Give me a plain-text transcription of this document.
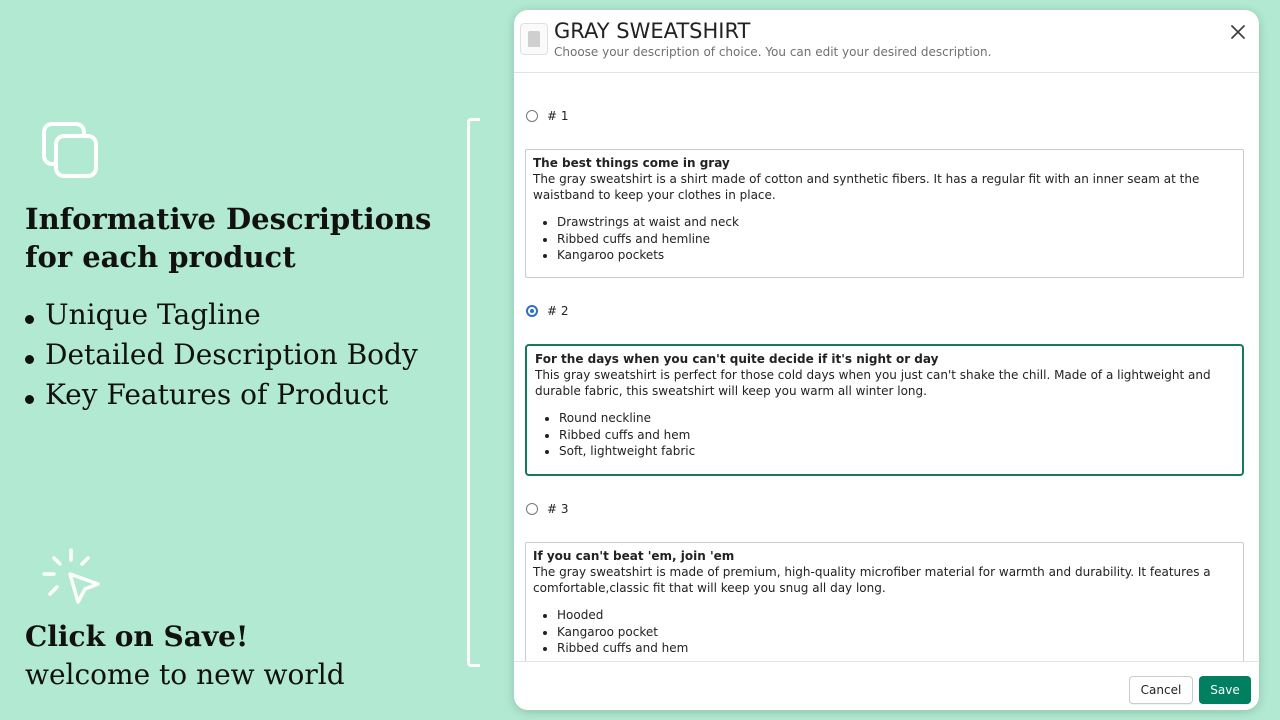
Informative Descriptions
for each product
Unique Tagline
Detailed Description Body
Key Features of Product
Click on Save!
welcome to new world
GRAY SWEATSHIRT
Choose your description of choice. You can edit your desired description.
# 1
The best things come in gray

The gray sweatshirt is a shirt made of cotton and synthetic fibers. It has a regular fit with an inner seam at the waistband to keep your clothes in place.

• Drawstrings at waist and neck
• Ribbed cuffs and hemline
• Kangaroo pockets
# 2
For the days when you can't quite decide if it's night or day

This gray sweatshirt is perfect for those cold days when you just can't shake the chill. Made of a lightweight and durable fabric, this sweatshirt will keep you warm all winter long.

• Round neckline
• Ribbed cuffs and hem
• Soft, lightweight fabric
# 3
If you can't beat 'em, join 'em

The gray sweatshirt is made of premium, high-quality microfiber material for warmth and durability. It features a comfortable,classic fit that will keep you snug all day long.

• Hooded
• Kangaroo pocket
• Ribbed cuffs and hem
Cancel	Save
